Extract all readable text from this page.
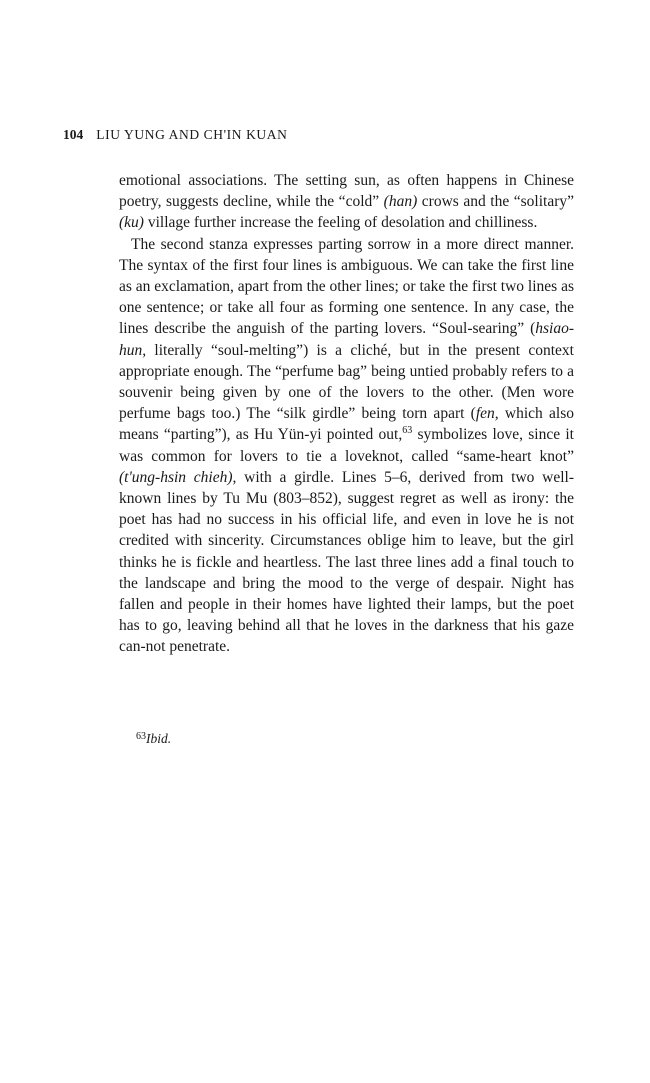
104 LIU YUNG AND CH'IN KUAN

emotional associations. The setting sun, as often happens in Chinese poetry, suggests decline, while the “cold” (han) crows and the “solitary” (ku) village further increase the feeling of desolation and chilliness.

The second stanza expresses parting sorrow in a more direct manner. The syntax of the first four lines is ambiguous. We can take the first line as an exclamation, apart from the other lines; or take the first two lines as one sentence; or take all four as forming one sentence. In any case, the lines describe the anguish of the parting lovers. “Soul-searing” (hsiao-hun, literally “soul-melting”) is a cliché, but in the present context appropriate enough. The “perfume bag” being untied probably refers to a souvenir being given by one of the lovers to the other. (Men wore perfume bags too.) The “silk girdle” being torn apart (fen, which also means “parting”), as Hu Yün-yi pointed out,$^{63}$ symbolizes love, since it was common for lovers to tie a loveknot, called “same-heart knot” (t'ung-hsin chieh), with a girdle. Lines 5–6, derived from two well-known lines by Tu Mu (803–852), suggest regret as well as irony: the poet has had no success in his official life, and even in love he is not credited with sincerity. Circumstances oblige him to leave, but the girl thinks he is fickle and heartless. The last three lines add a final touch to the landscape and bring the mood to the verge of despair. Night has fallen and people in their homes have lighted their lamps, but the poet has to go, leaving behind all that he loves in the darkness that his gaze can-not penetrate.

$^{63}$Ibid.
